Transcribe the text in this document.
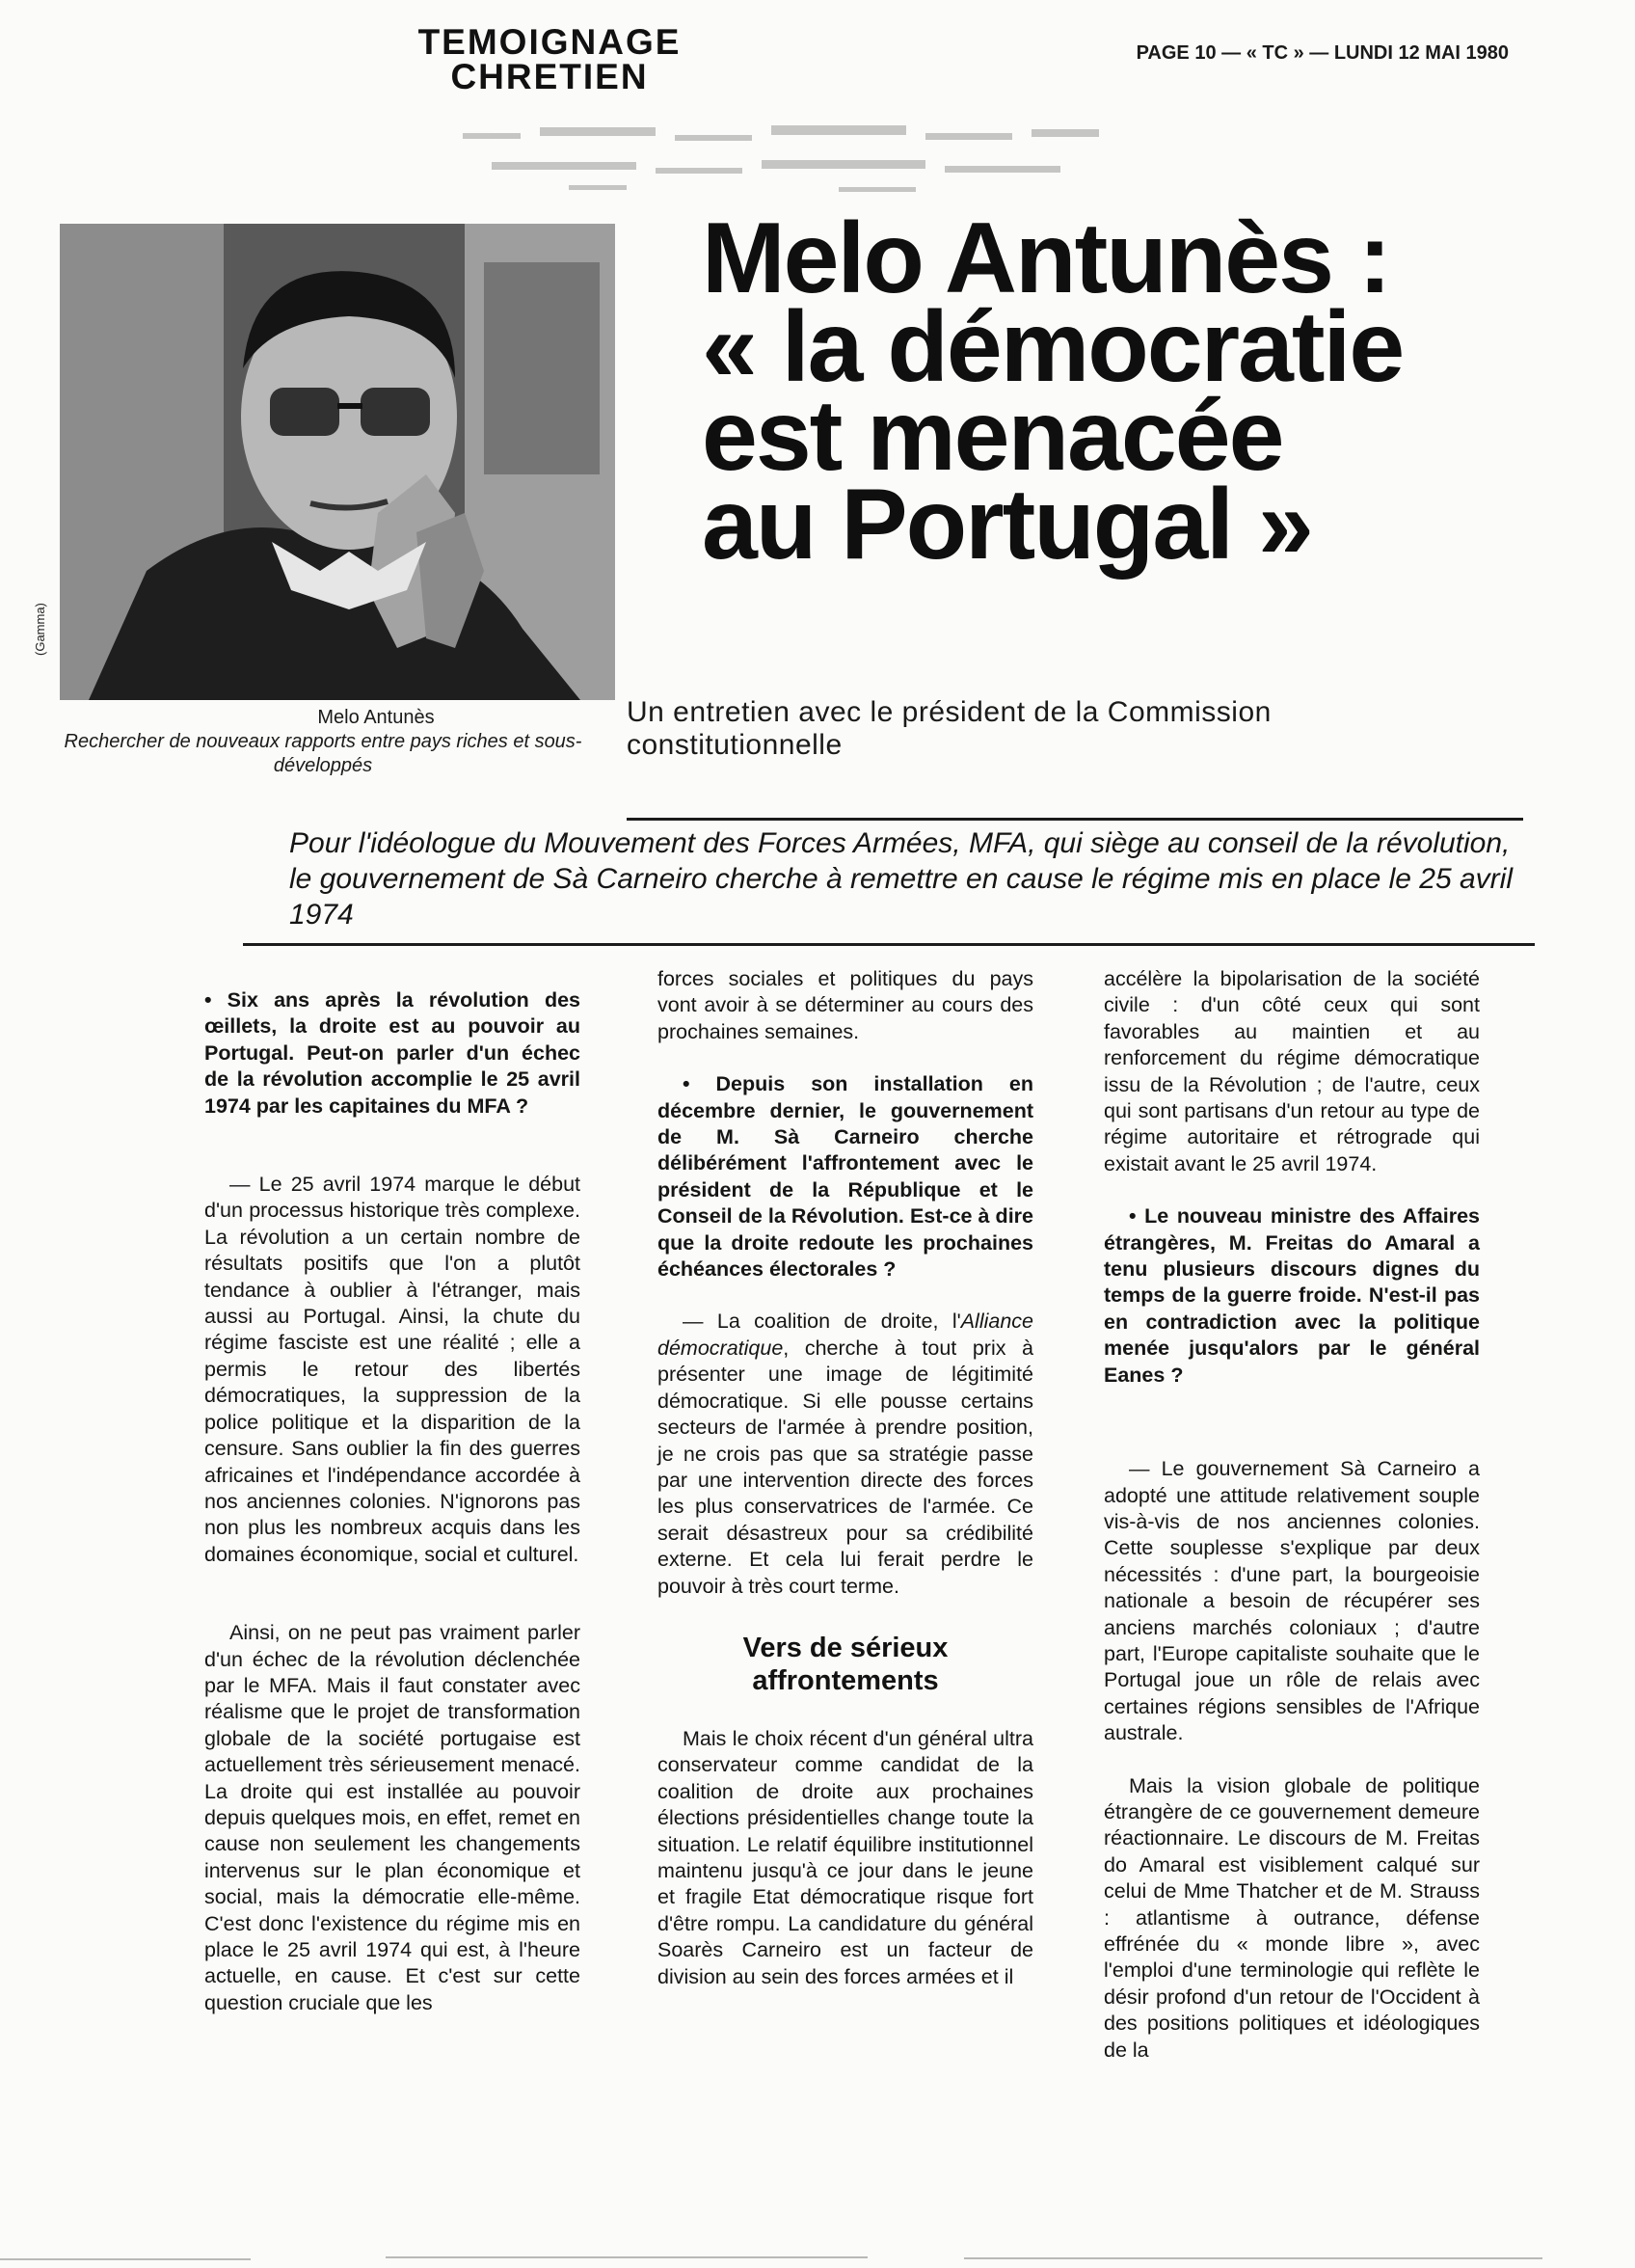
TEMOIGNAGE
CHRETIEN
PAGE 10 — « TC » — LUNDI 12 MAI 1980
(Gamma)
Melo Antunès
Rechercher de nouveaux rapports entre pays riches et sous-développés
Melo Antunès :
« la démocratie
est menacée
au Portugal »
Un entretien avec le président de la Commission constitutionnelle
Pour l'idéologue du Mouvement des Forces Armées, MFA, qui siège au conseil de la révolution, le gouvernement de Sà Carneiro cherche à remettre en cause le régime mis en place le 25 avril 1974

• Six ans après la révolution des œillets, la droite est au pouvoir au Portugal. Peut-on parler d'un échec de la révolution accomplie le 25 avril 1974 par les capitaines du MFA ?

— Le 25 avril 1974 marque le début d'un processus historique très complexe. La révolution a un certain nombre de résultats positifs que l'on a plutôt tendance à oublier à l'étranger, mais aussi au Portugal. Ainsi, la chute du régime fasciste est une réalité ; elle a permis le retour des libertés démocratiques, la suppression de la police politique et la disparition de la censure. Sans oublier la fin des guerres africaines et l'indépendance accordée à nos anciennes colonies. N'ignorons pas non plus les nombreux acquis dans les domaines économique, social et culturel.

Ainsi, on ne peut pas vraiment parler d'un échec de la révolution déclenchée par le MFA. Mais il faut constater avec réalisme que le projet de transformation globale de la société portugaise est actuellement très sérieusement menacé. La droite qui est installée au pouvoir depuis quelques mois, en effet, remet en cause non seulement les changements intervenus sur le plan économique et social, mais la démocratie elle-même. C'est donc l'existence du régime mis en place le 25 avril 1974 qui est, à l'heure actuelle, en cause. Et c'est sur cette question cruciale que les

forces sociales et politiques du pays vont avoir à se déterminer au cours des prochaines semaines.

• Depuis son installation en décembre dernier, le gouvernement de M. Sà Carneiro cherche délibérément l'affrontement avec le président de la République et le Conseil de la Révolution. Est-ce à dire que la droite redoute les prochaines échéances électorales ?

— La coalition de droite, l'Alliance démocratique, cherche à tout prix à présenter une image de légitimité démocratique. Si elle pousse certains secteurs de l'armée à prendre position, je ne crois pas que sa stratégie passe par une intervention directe des forces les plus conservatrices de l'armée. Ce serait désastreux pour sa crédibilité externe. Et cela lui ferait perdre le pouvoir à très court terme.

Vers de sérieux affrontements

Mais le choix récent d'un général ultra conservateur comme candidat de la coalition de droite aux prochaines élections présidentielles change toute la situation. Le relatif équilibre institutionnel maintenu jusqu'à ce jour dans le jeune et fragile Etat démocratique risque fort d'être rompu. La candidature du général Soarès Carneiro est un facteur de division au sein des forces armées et il

accélère la bipolarisation de la société civile : d'un côté ceux qui sont favorables au maintien et au renforcement du régime démocratique issu de la Révolution ; de l'autre, ceux qui sont partisans d'un retour au type de régime autoritaire et rétrograde qui existait avant le 25 avril 1974.

• Le nouveau ministre des Affaires étrangères, M. Freitas do Amaral a tenu plusieurs discours dignes du temps de la guerre froide. N'est-il pas en contradiction avec la politique menée jusqu'alors par le général Eanes ?

— Le gouvernement Sà Carneiro a adopté une attitude relativement souple vis-à-vis de nos anciennes colonies. Cette souplesse s'explique par deux nécessités : d'une part, la bourgeoisie nationale a besoin de récupérer ses anciens marchés coloniaux ; d'autre part, l'Europe capitaliste souhaite que le Portugal joue un rôle de relais avec certaines régions sensibles de l'Afrique australe.

Mais la vision globale de politique étrangère de ce gouvernement demeure réactionnaire. Le discours de M. Freitas do Amaral est visiblement calqué sur celui de Mme Thatcher et de M. Strauss : atlantisme à outrance, défense effrénée du « monde libre », avec l'emploi d'une terminologie qui reflète le désir profond d'un retour de l'Occident à des positions politiques et idéologiques de la
